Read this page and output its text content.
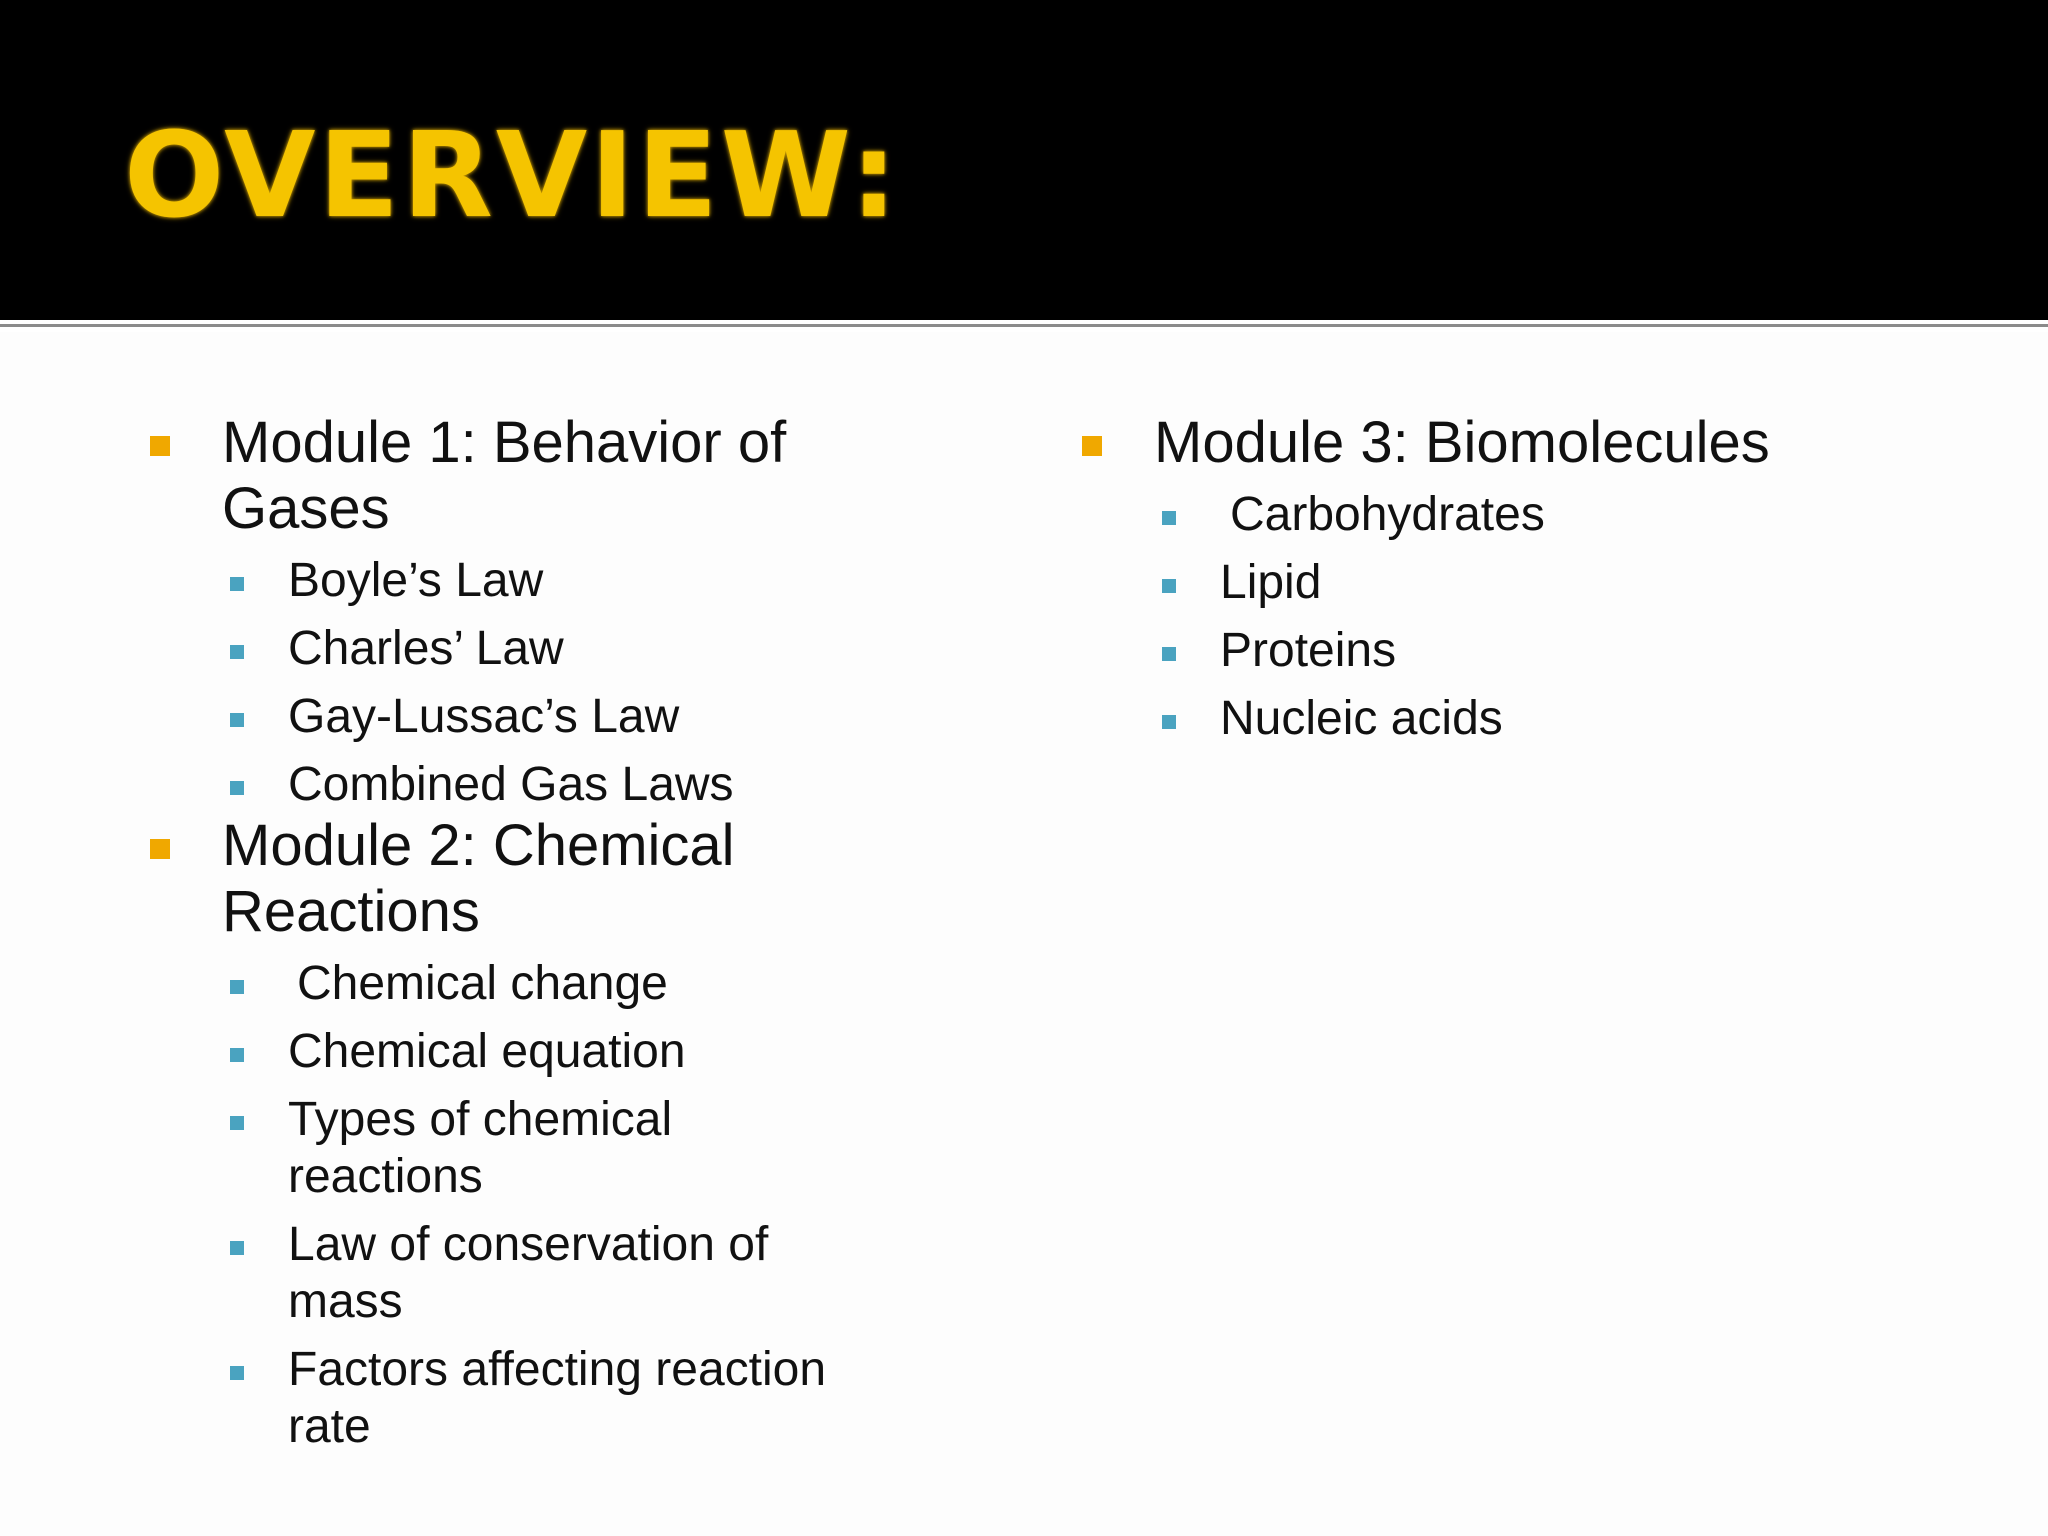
OVERVIEW:
Module 1: Behavior of Gases
Boyle’s Law
Charles’ Law
Gay-Lussac’s Law
Combined Gas Laws
Module 2: Chemical Reactions
Chemical change
Chemical equation
Types of chemical reactions
Law of conservation of mass
Factors affecting reaction rate
Module 3: Biomolecules
Carbohydrates
Lipid
Proteins
Nucleic acids
